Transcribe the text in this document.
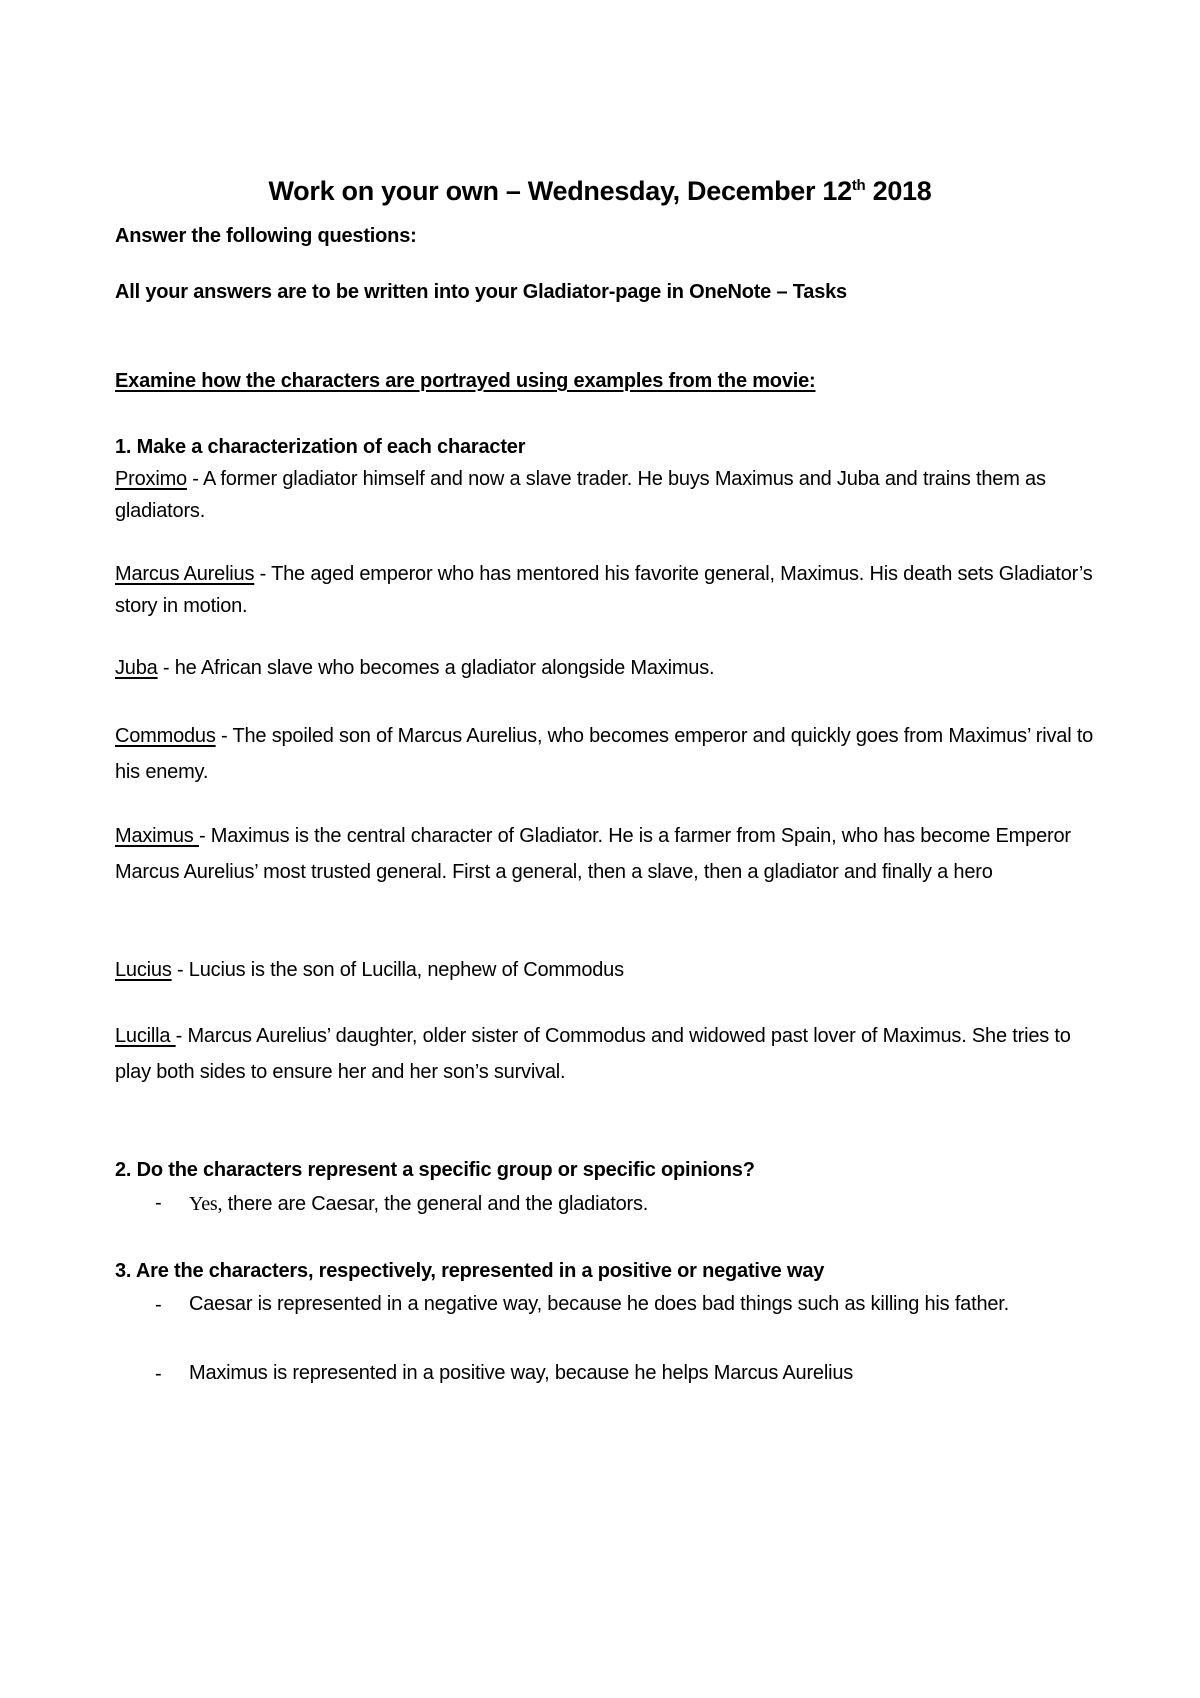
Work on your own – Wednesday, December 12th 2018
Answer the following questions:
All your answers are to be written into your Gladiator-page in OneNote – Tasks
Examine how the characters are portrayed using examples from the movie:
1. Make a characterization of each character
Proximo - A former gladiator himself and now a slave trader. He buys Maximus and Juba and trains them as gladiators.
Marcus Aurelius - The aged emperor who has mentored his favorite general, Maximus. His death sets Gladiator’s story in motion.
Juba - he African slave who becomes a gladiator alongside Maximus.
Commodus - The spoiled son of Marcus Aurelius, who becomes emperor and quickly goes from Maximus’ rival to his enemy.
Maximus - Maximus is the central character of Gladiator. He is a farmer from Spain, who has become Emperor Marcus Aurelius’ most trusted general. First a general, then a slave, then a gladiator and finally a hero
Lucius - Lucius is the son of Lucilla, nephew of Commodus
Lucilla - Marcus Aurelius’ daughter, older sister of Commodus and widowed past lover of Maximus. She tries to play both sides to ensure her and her son’s survival.
2. Do the characters represent a specific group or specific opinions?
- Yes, there are Caesar, the general and the gladiators.
3. Are the characters, respectively, represented in a positive or negative way
- Caesar is represented in a negative way, because he does bad things such as killing his father.
- Maximus is represented in a positive way, because he helps Marcus Aurelius
